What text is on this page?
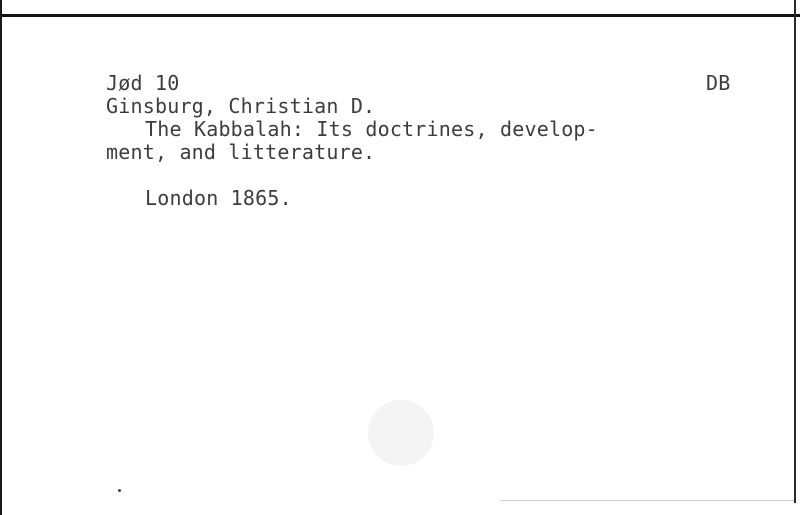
Jød 10	DB
Ginsburg, Christian D.
The Kabbalah: Its doctrines, develop-
ment, and litterature.
London 1865.
